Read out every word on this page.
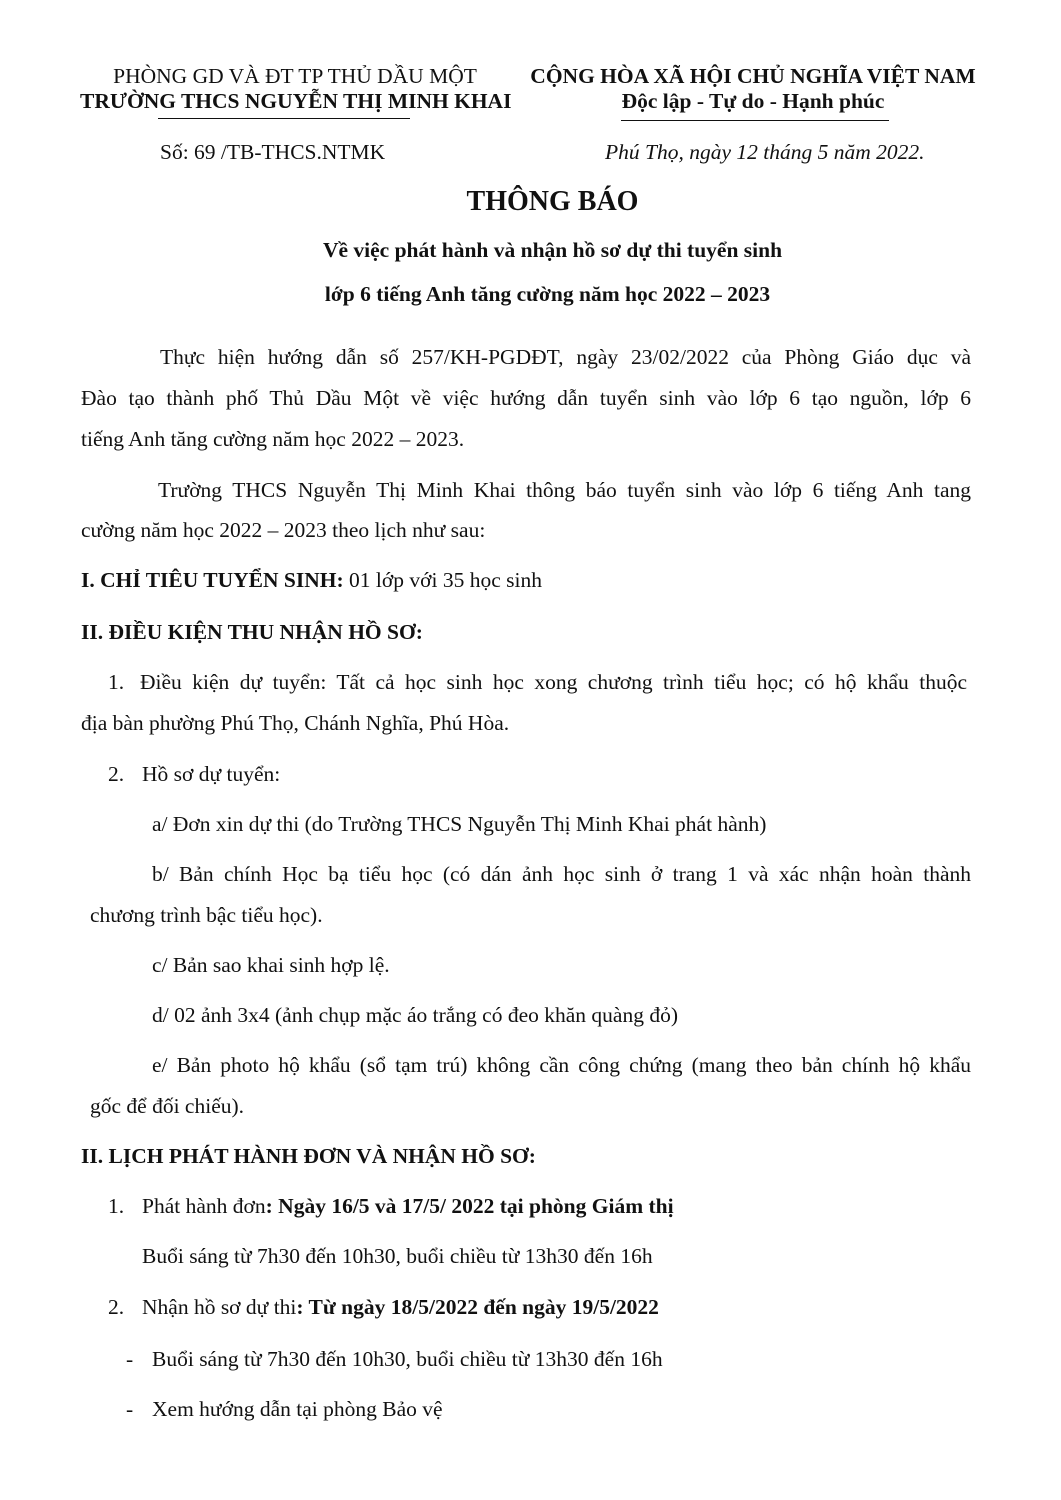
PHÒNG GD VÀ ĐT TP THỦ DẦU MỘT
TRƯỜNG THCS NGUYỄN THỊ MINH KHAI
CỘNG HÒA XÃ HỘI CHỦ NGHĨA VIỆT NAM
Độc lập - Tự do - Hạnh phúc
Số: 69 /TB-THCS.NTMK	Phú Thọ, ngày 12 tháng 5 năm 2022.
THÔNG BÁO
Về việc phát hành và nhận hồ sơ dự thi tuyển sinh
lớp 6 tiếng Anh tăng cường năm học 2022 – 2023
Thực hiện hướng dẫn số 257/KH-PGDĐT, ngày 23/02/2022 của Phòng Giáo dục và
Đào tạo thành phố Thủ Dầu Một về việc hướng dẫn tuyển sinh vào lớp 6 tạo nguồn, lớp 6
tiếng Anh tăng cường năm học 2022 – 2023.
Trường THCS Nguyễn Thị Minh Khai thông báo tuyển sinh vào lớp 6 tiếng Anh tang
cường năm học 2022 – 2023 theo lịch như sau:
I. CHỈ TIÊU TUYỂN SINH: 01 lớp với 35 học sinh
II. ĐIỀU KIỆN THU NHẬN HỒ SƠ:
1. Điều kiện dự tuyển: Tất cả học sinh học xong chương trình tiểu học; có hộ khẩu thuộc
địa bàn phường Phú Thọ, Chánh Nghĩa, Phú Hòa.
2. Hồ sơ dự tuyển:
a/ Đơn xin dự thi (do Trường THCS Nguyễn Thị Minh Khai phát hành)
b/ Bản chính Học bạ tiểu học (có dán ảnh học sinh ở trang 1 và xác nhận hoàn thành
chương trình bậc tiểu học).
c/ Bản sao khai sinh hợp lệ.
d/ 02 ảnh 3x4 (ảnh chụp mặc áo trắng có đeo khăn quàng đỏ)
e/ Bản photo hộ khẩu (sổ tạm trú) không cần công chứng (mang theo bản chính hộ khẩu
gốc để đối chiếu).
II. LỊCH PHÁT HÀNH ĐƠN VÀ NHẬN HỒ SƠ:
1. Phát hành đơn: Ngày 16/5 và 17/5/ 2022 tại phòng Giám thị
Buổi sáng từ 7h30 đến 10h30, buổi chiều từ 13h30 đến 16h
2. Nhận hồ sơ dự thi: Từ ngày 18/5/2022 đến ngày 19/5/2022
- Buổi sáng từ 7h30 đến 10h30, buổi chiều từ 13h30 đến 16h
- Xem hướng dẫn tại phòng Bảo vệ
